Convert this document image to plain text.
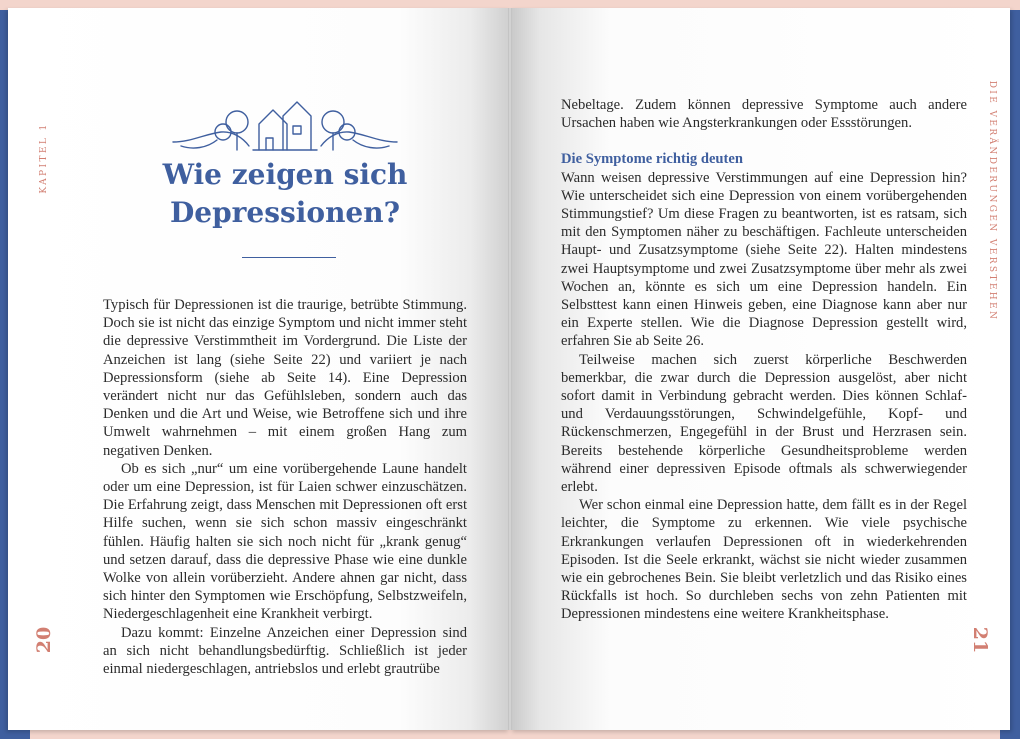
KAPITEL 1	Wie zeigen sich
Depressionen?

Typisch für Depressionen ist die traurige, betrübte Stimmung. Doch sie ist nicht das einzige Symptom und nicht immer steht die depressive Verstimmtheit im Vordergrund. Die Liste der Anzeichen ist lang (siehe Seite 22) und variiert je nach Depressionsform (siehe ab Seite 14). Eine Depression verändert nicht nur das Gefühlsleben, sondern auch das Denken und die Art und Weise, wie Betroffene sich und ihre Umwelt wahrnehmen – mit einem großen Hang zum negativen Denken.

Ob es sich „nur“ um eine vorübergehende Laune handelt oder um eine Depression, ist für Laien schwer einzuschätzen. Die Erfahrung zeigt, dass Menschen mit Depressionen oft erst Hilfe suchen, wenn sie sich schon massiv eingeschränkt fühlen. Häufig halten sie sich noch nicht für „krank genug“ und setzen darauf, dass die depressive Phase wie eine dunkle Wolke von allein vorüberzieht. Andere ahnen gar nicht, dass sich hinter den Symptomen wie Erschöpfung, Selbstzweifeln, Niedergeschlagenheit eine Krankheit verbirgt.

Dazu kommt: Einzelne Anzeichen einer Depression sind an sich nicht behandlungsbedürftig. Schließlich ist jeder einmal niedergeschlagen, antriebslos und erlebt grautrübe

20
DIE VERÄNDERUNGEN VERSTEHEN

Nebeltage. Zudem können depressive Symptome auch andere Ursachen haben wie Angsterkrankungen oder Essstörungen.

Die Symptome richtig deuten

Wann weisen depressive Verstimmungen auf eine Depression hin? Wie unterscheidet sich eine Depression von einem vorübergehenden Stimmungstief? Um diese Fragen zu beantworten, ist es ratsam, sich mit den Symptomen näher zu beschäftigen. Fachleute unterscheiden Haupt- und Zusatzsymptome (siehe Seite 22). Halten mindestens zwei Hauptsymptome und zwei Zusatzsymptome über mehr als zwei Wochen an, könnte es sich um eine Depression handeln. Ein Selbsttest kann einen Hinweis geben, eine Diagnose kann aber nur ein Experte stellen. Wie die Diagnose Depression gestellt wird, erfahren Sie ab Seite 26.

Teilweise machen sich zuerst körperliche Beschwerden bemerkbar, die zwar durch die Depression ausgelöst, aber nicht sofort damit in Verbindung gebracht werden. Dies können Schlaf- und Verdauungsstörungen, Schwindelgefühle, Kopf- und Rückenschmerzen, Engegefühl in der Brust und Herzrasen sein. Bereits bestehende körperliche Gesundheitsprobleme werden während einer depressiven Episode oftmals als schwerwiegender erlebt.

Wer schon einmal eine Depression hatte, dem fällt es in der Regel leichter, die Symptome zu erkennen. Wie viele psychische Erkrankungen verlaufen Depressionen oft in wiederkehrenden Episoden. Ist die Seele erkrankt, wächst sie nicht wieder zusammen wie ein gebrochenes Bein. Sie bleibt verletzlich und das Risiko eines Rückfalls ist hoch. So durchleben sechs von zehn Patienten mit Depressionen mindestens eine weitere Krankheitsphase.

21
